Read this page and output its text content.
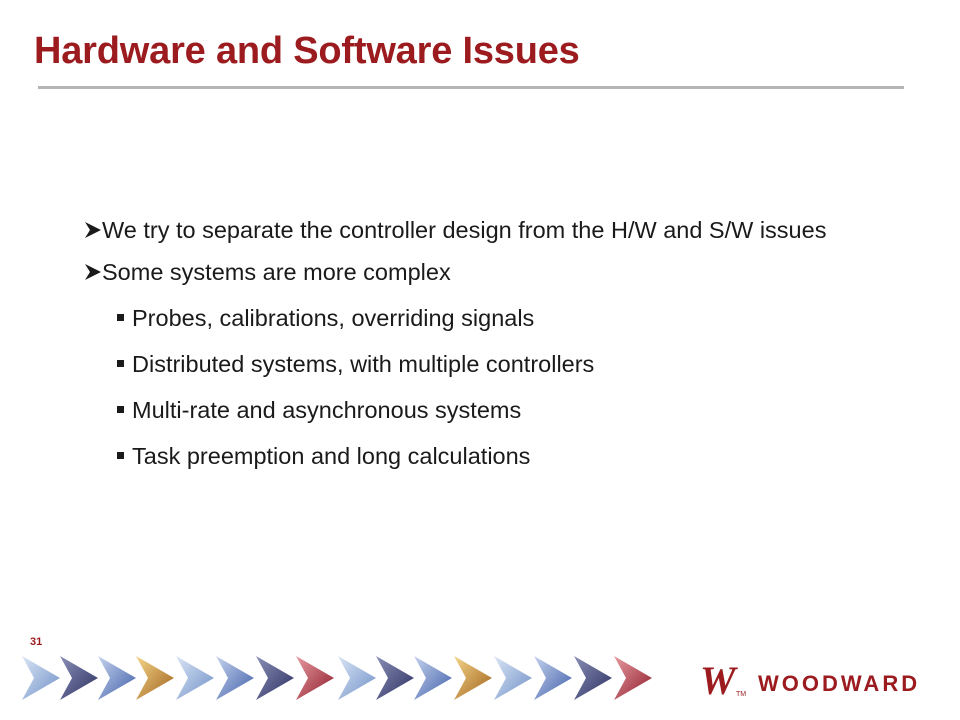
Hardware and Software Issues
We try to separate the controller design from the H/W and S/W issues
Some systems are more complex
Probes, calibrations, overriding signals
Distributed systems, with multiple controllers
Multi-rate and asynchronous systems
Task preemption and long calculations
31
W TM WOODWARD
